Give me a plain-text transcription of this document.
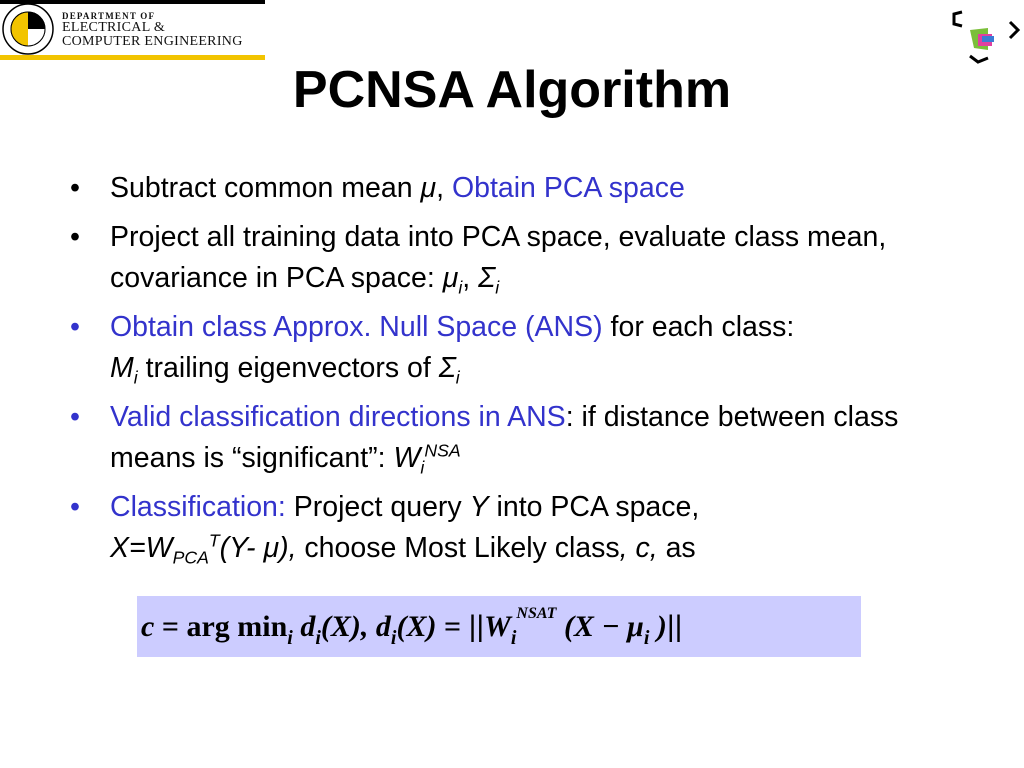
DEPARTMENT OF
ELECTRICAL &
COMPUTER ENGINEERING
PCNSA Algorithm
• Subtract common mean μ, Obtain PCA space
• Project all training data into PCA space, evaluate class mean, covariance in PCA space: $\mu_i$, $\Sigma_i$
• Obtain class Approx. Null Space (ANS) for each class:
$M_i$ trailing eigenvectors of $\Sigma_i$
• Valid classification directions in ANS: if distance between class means is “significant”: $W_i^{NSA}$
• Classification: Project query Y into PCA space,
$X=W_{PCA}^T(Y-$ μ), choose Most Likely class, c, as
c = arg $\min_i d_i(X)$, $d_i(X) = ||W_i^{NSAT}$ ($X - \mu_i$ )||
